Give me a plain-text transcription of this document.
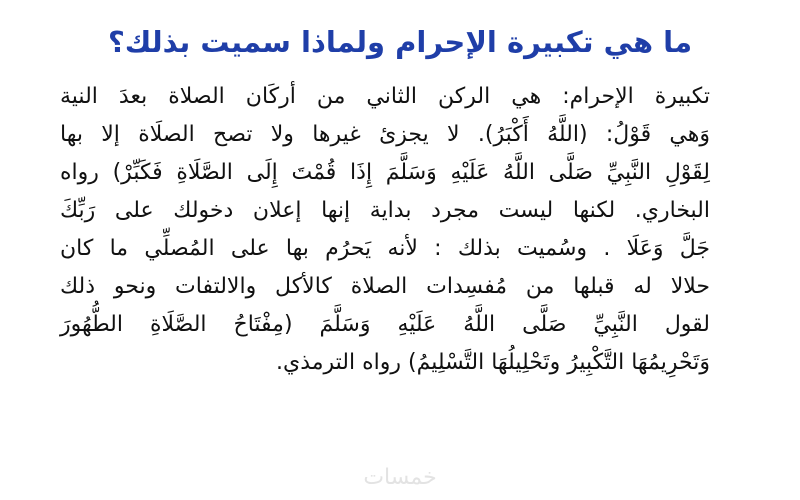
ما هي تكبيرة الإحرام ولماذا سميت بذلك؟
تكبيرة الإحرام: هي الركن الثاني من أركَان الصلاة بعدَ النية
وَهي قَوْلُ: (اللَّهُ أَكْبَرُ). لا يجزئ غيرها ولا تصح الصلَاة إلا بها
لِقَوْلِ النَّبِيِّ صَلَّى اللَّهُ عَلَيْهِ وَسَلَّمَ إِذَا قُمْتَ إِلَى الصَّلَاةِ فَكَبِّرْ) رواه
البخاري. لكنها ليست مجرد بداية إنها إعلان دخولك على رَبِّكَ
جَلَّ وَعَلَا . وسُميت بذلك : لأنه يَحرُم بها على المُصلِّي ما كان
حلالا له قبلها من مُفسِدات الصلاة كالأكل والالتفات ونحو ذلك
لقول النَّبِيِّ صَلَّى اللَّهُ عَلَيْهِ وَسَلَّمَ (مِفْتَاحُ الصَّلَاةِ الطُّهُورَ
وَتَحْرِيمُهَا التَّكْبِيرُ وتَحْلِيلُهَا التَّسْلِيمُ) رواه الترمذي.
خمسات
